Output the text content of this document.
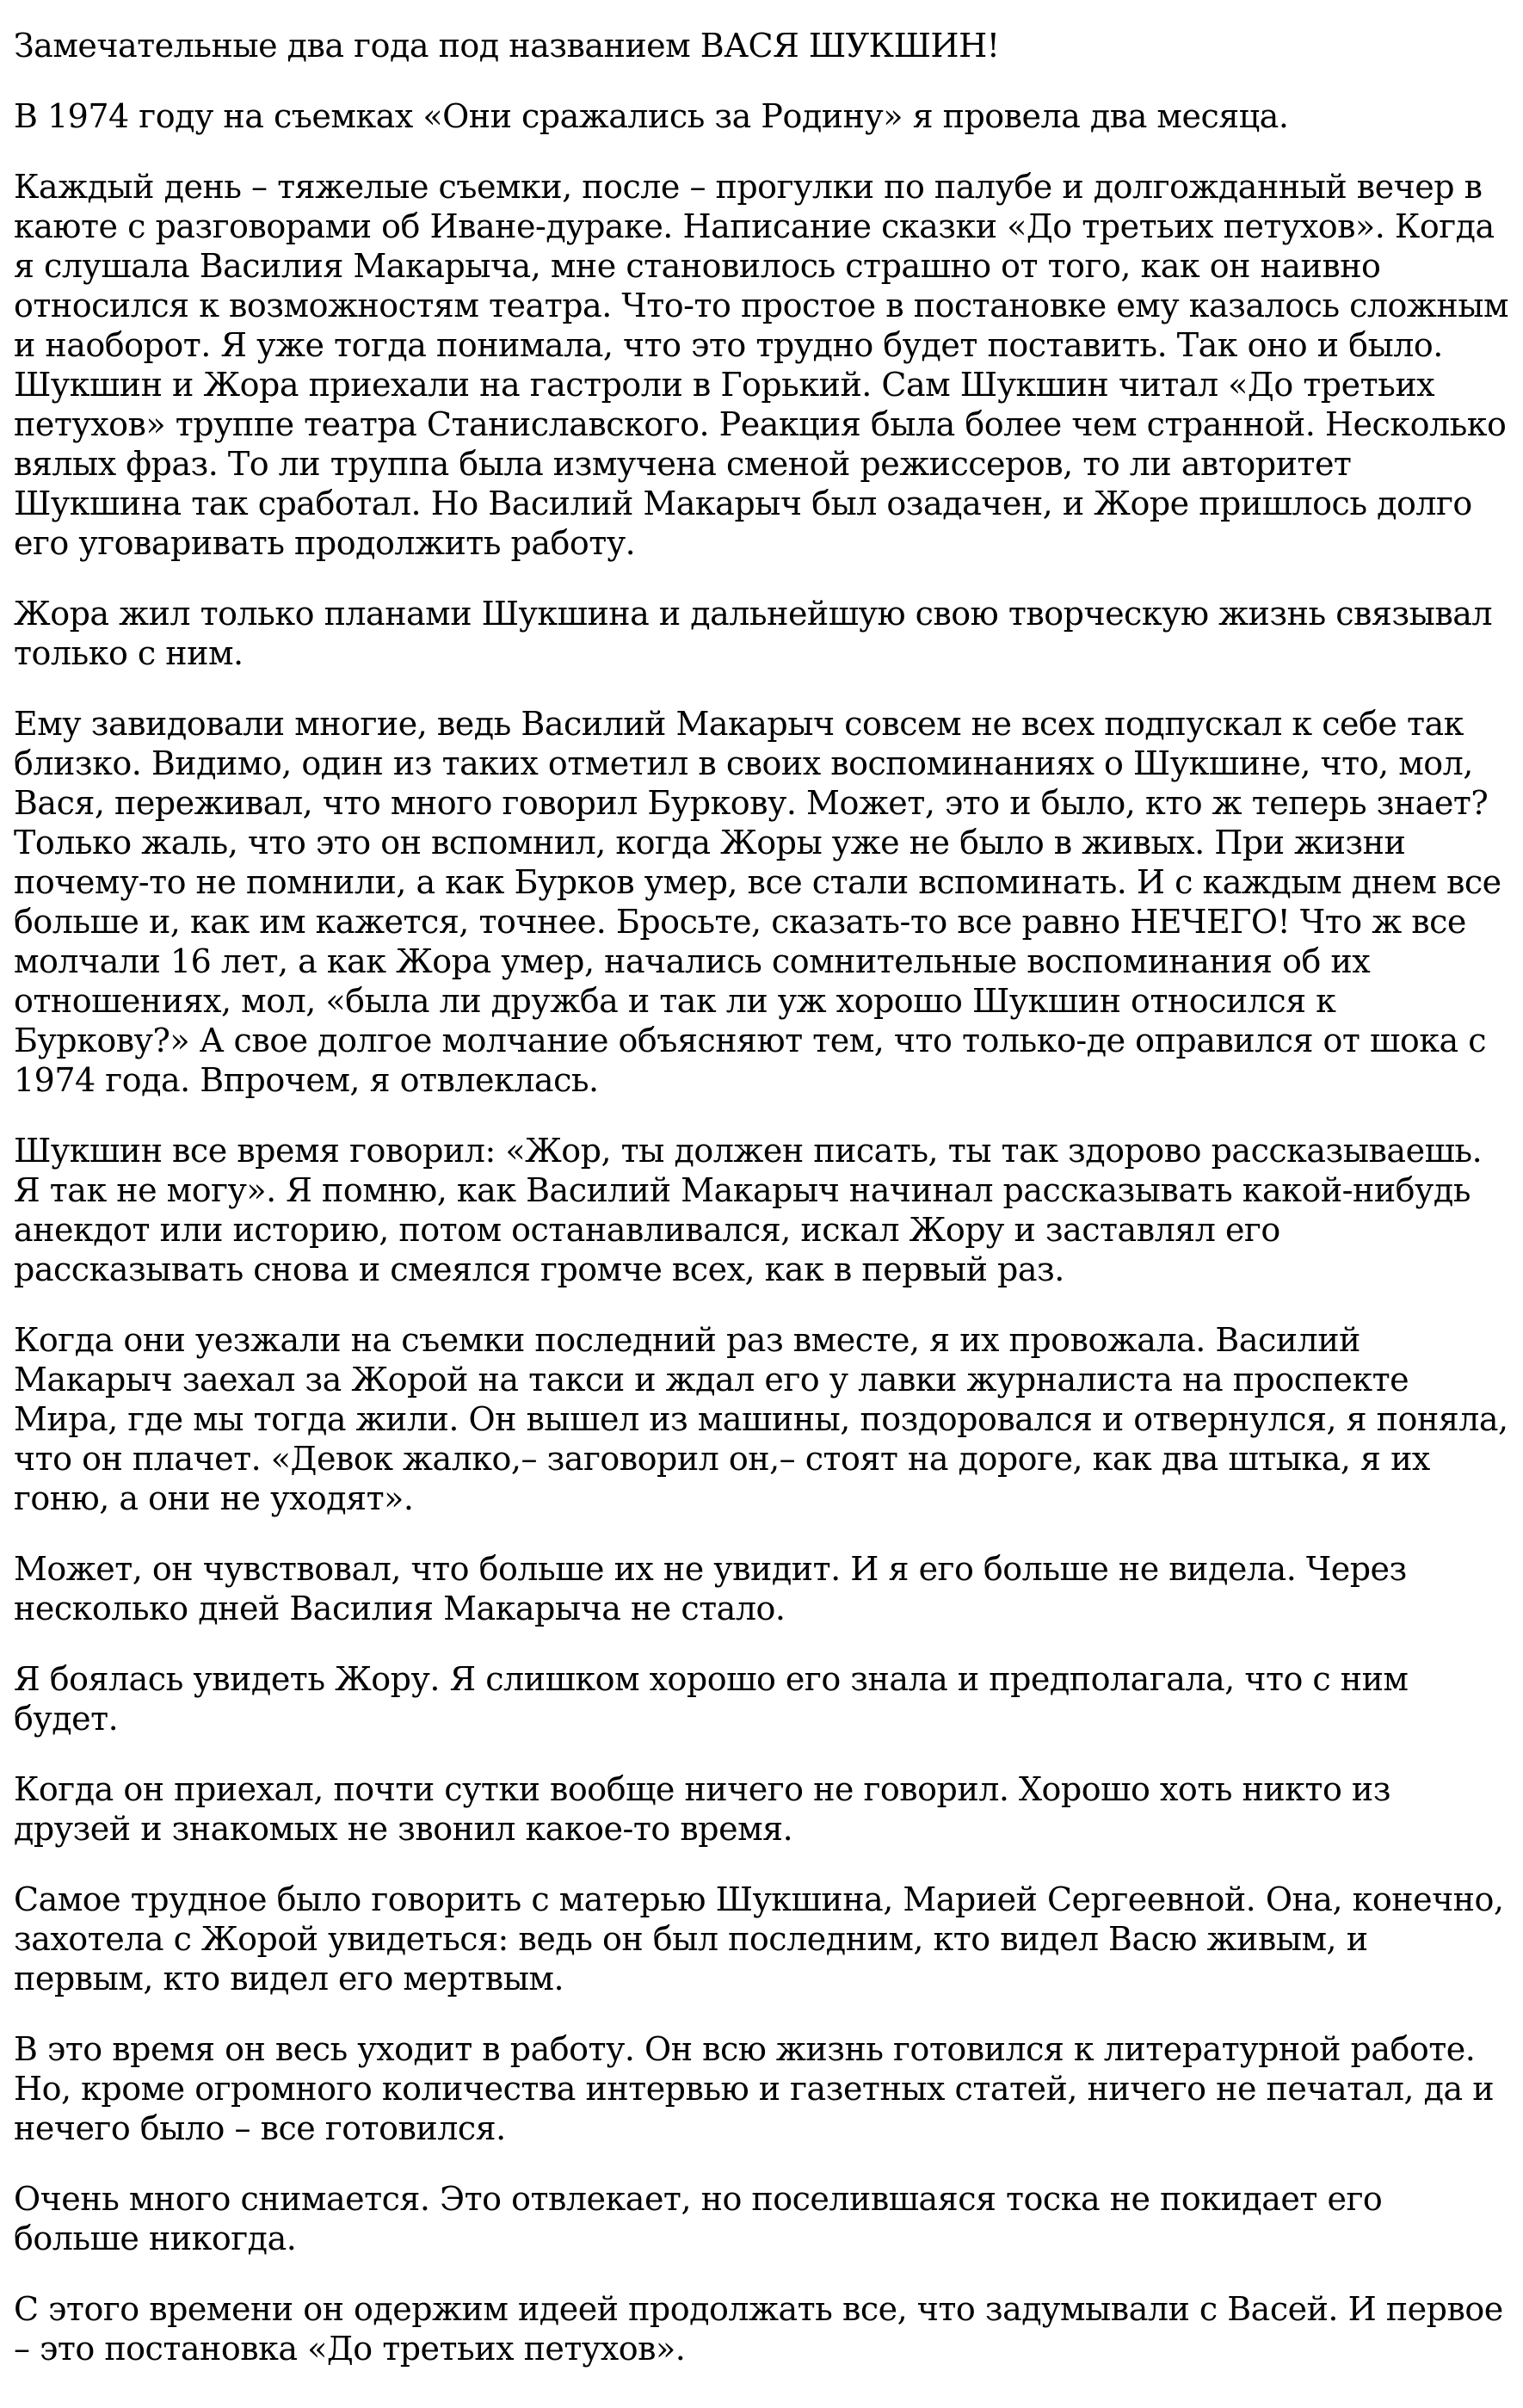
Замечательные два года под названием ВАСЯ ШУКШИН!

В 1974 году на съемках «Они сражались за Родину» я провела два месяца.

Каждый день – тяжелые съемки, после – прогулки по палубе и долгожданный вечер в каюте с разговорами об Иване-дураке. Написание сказки «До третьих петухов». Когда я слушала Василия Макарыча, мне становилось страшно от того, как он наивно относился к возможностям театра. Что-то простое в постановке ему казалось сложным и наоборот. Я уже тогда понимала, что это трудно будет поставить. Так оно и было. Шукшин и Жора приехали на гастроли в Горький. Сам Шукшин читал «До третьих петухов» труппе театра Станиславского. Реакция была более чем странной. Несколько вялых фраз. То ли труппа была измучена сменой режиссеров, то ли авторитет Шукшина так сработал. Но Василий Макарыч был озадачен, и Жоре пришлось долго его уговаривать продолжить работу.

Жора жил только планами Шукшина и дальнейшую свою творческую жизнь связывал только с ним.

Ему завидовали многие, ведь Василий Макарыч совсем не всех подпускал к себе так близко. Видимо, один из таких отметил в своих воспоминаниях о Шукшине, что, мол, Вася, переживал, что много говорил Буркову. Может, это и было, кто ж теперь знает? Только жаль, что это он вспомнил, когда Жоры уже не было в живых. При жизни почему-то не помнили, а как Бурков умер, все стали вспоминать. И с каждым днем все больше и, как им кажется, точнее. Бросьте, сказать-то все равно НЕЧЕГО! Что ж все молчали 16 лет, а как Жора умер, начались сомнительные воспоминания об их отношениях, мол, «была ли дружба и так ли уж хорошо Шукшин относился к Буркову?» А свое долгое молчание объясняют тем, что только-де оправился от шока с 1974 года. Впрочем, я отвлеклась.

Шукшин все время говорил: «Жор, ты должен писать, ты так здорово рассказываешь. Я так не могу». Я помню, как Василий Макарыч начинал рассказывать какой-нибудь анекдот или историю, потом останавливался, искал Жору и заставлял его рассказывать снова и смеялся громче всех, как в первый раз.

Когда они уезжали на съемки последний раз вместе, я их провожала. Василий Макарыч заехал за Жорой на такси и ждал его у лавки журналиста на проспекте Мира, где мы тогда жили. Он вышел из машины, поздоровался и отвернулся, я поняла, что он плачет. «Девок жалко,– заговорил он,– стоят на дороге, как два штыка, я их гоню, а они не уходят».

Может, он чувствовал, что больше их не увидит. И я его больше не видела. Через несколько дней Василия Макарыча не стало.

Я боялась увидеть Жору. Я слишком хорошо его знала и предполагала, что с ним будет.

Когда он приехал, почти сутки вообще ничего не говорил. Хорошо хоть никто из друзей и знакомых не звонил какое-то время.

Самое трудное было говорить с матерью Шукшина, Марией Сергеевной. Она, конечно, захотела с Жорой увидеться: ведь он был последним, кто видел Васю живым, и первым, кто видел его мертвым.

В это время он весь уходит в работу. Он всю жизнь готовился к литературной работе. Но, кроме огромного количества интервью и газетных статей, ничего не печатал, да и нечего было – все готовился.

Очень много снимается. Это отвлекает, но поселившаяся тоска не покидает его больше никогда.

С этого времени он одержим идеей продолжать все, что задумывали с Васей. И первое – это постановка «До третьих петухов».
